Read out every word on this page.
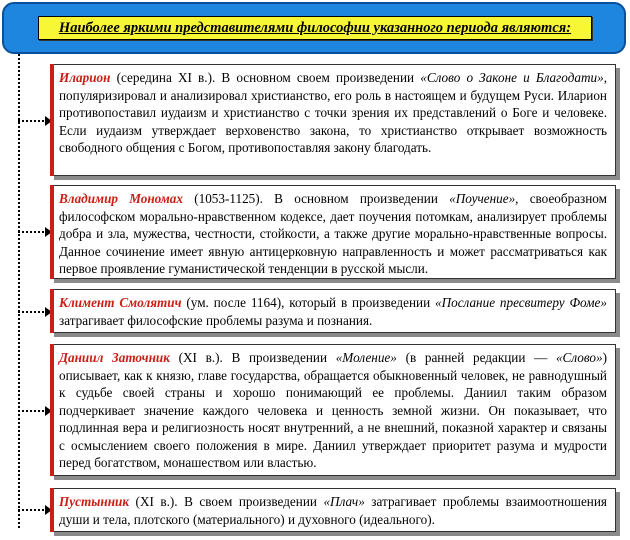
Наиболее яркими представителями философии указанного периода являются:
Иларион (середина XI в.). В основном своем произведении «Слово о Законе и Благодати», популяризировал и анализировал христианство, его роль в настоящем и будущем Руси. Иларион противопоставил иудаизм и христианство с точки зрения их представлений о Боге и человеке. Если иудаизм утверждает верховенство закона, то христианство открывает возможность свободного общения с Богом, противопоставляя закону благодать.
Владимир Мономах (1053-1125). В основном произведении «Поучение», своеобразном философском морально-нравственном кодексе, дает поучения потомкам, анализирует проблемы добра и зла, мужества, честности, стойкости, а также другие морально-нравственные вопросы. Данное сочинение имеет явную антицерковную направленность и может рассматриваться как первое проявление гуманистической тенденции в русской мысли.
Климент Смолятич (ум. после 1164), который в произведении «Послание пресвитеру Фоме» затрагивает философские проблемы разума и познания.
Даниил Заточник (XI в.). В произведении «Моление» (в ранней редакции — «Слово») описывает, как к князю, главе государства, обращается обыкновенный человек, не равнодушный к судьбе своей страны и хорошо понимающий ее проблемы. Даниил таким образом подчеркивает значение каждого человека и ценность земной жизни. Он показывает, что подлинная вера и религиозность носят внутренний, а не внешний, показной характер и связаны с осмыслением своего положения в мире. Даниил утверждает приоритет разума и мудрости перед богатством, монашеством или властью.
Пустынник (XI в.). В своем произведении «Плач» затрагивает проблемы взаимоотношения души и тела, плотского (материального) и духовного (идеального).
